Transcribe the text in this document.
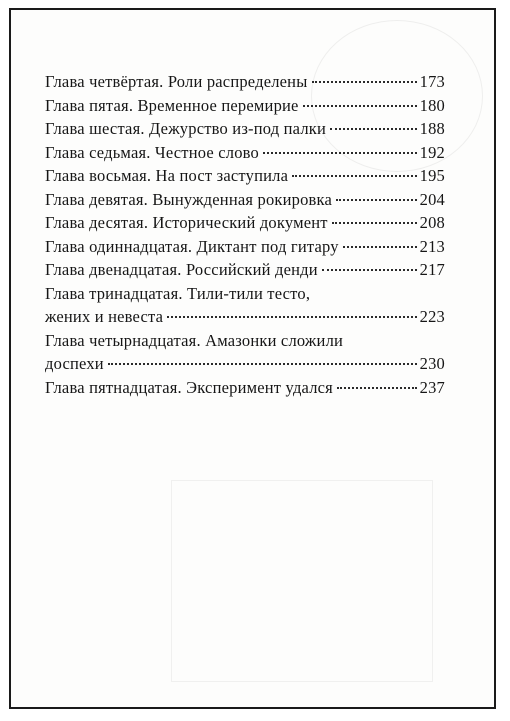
Глава четвёртая. Роли распределены	173
Глава пятая. Временное перемирие	180
Глава шестая. Дежурство из-под палки	188
Глава седьмая. Честное слово	192
Глава восьмая. На пост заступила	195
Глава девятая. Вынужденная рокировка	204
Глава десятая. Исторический документ	208
Глава одиннадцатая. Диктант под гитару	213
Глава двенадцатая. Российский денди	217
Глава тринадцатая. Тили-тили тесто,
жених и невеста	223
Глава четырнадцатая. Амазонки сложили
доспехи	230
Глава пятнадцатая. Эксперимент удался	237
